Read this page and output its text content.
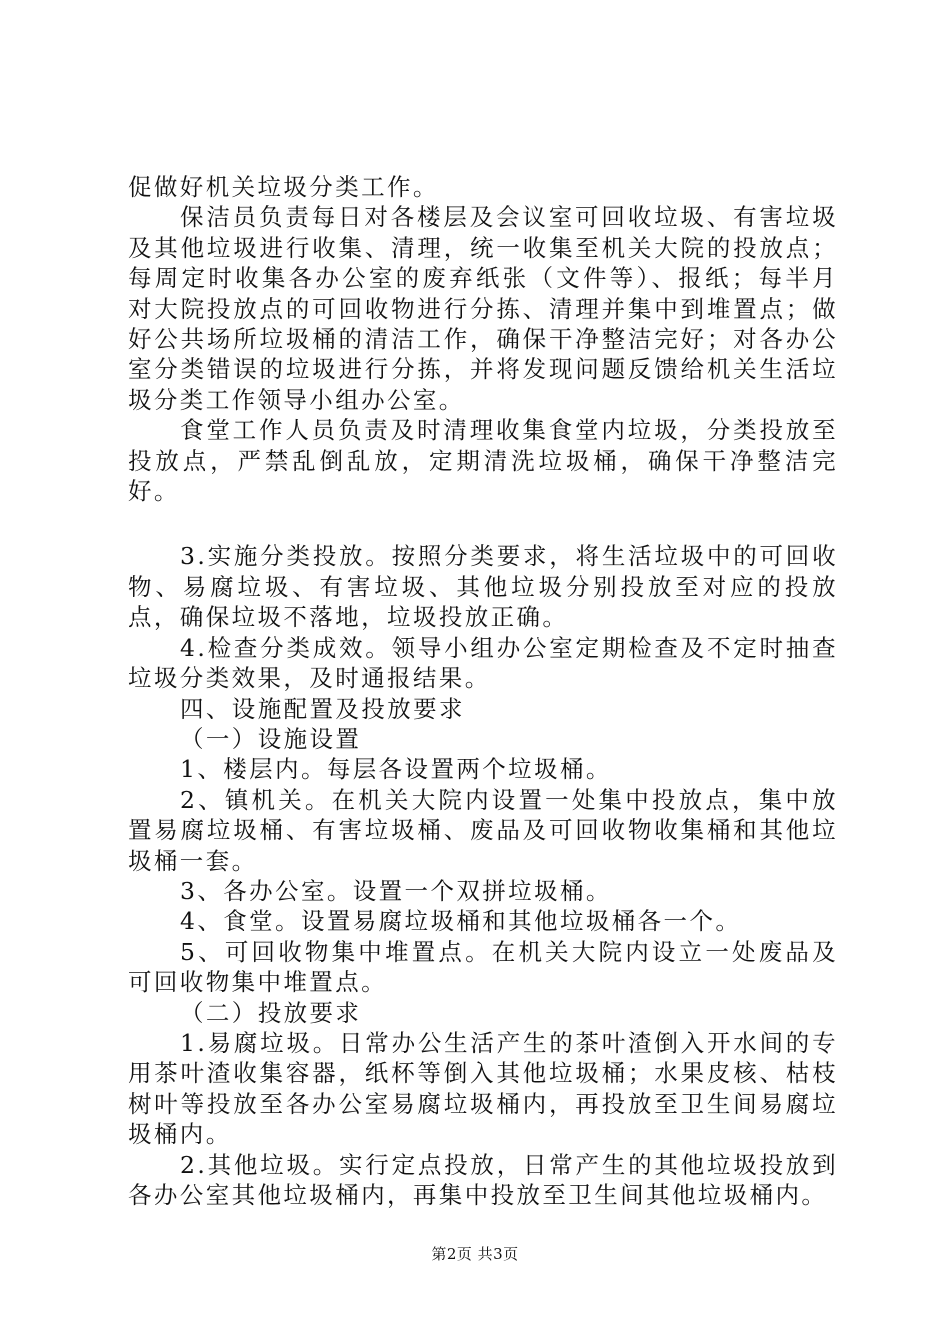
促做好机关垃圾分类工作。

保洁员负责每日对各楼层及会议室可回收垃圾、有害垃圾及其他垃圾进行收集、清理，统一收集至机关大院的投放点；每周定时收集各办公室的废弃纸张（文件等）、报纸；每半月对大院投放点的可回收物进行分拣、清理并集中到堆置点；做好公共场所垃圾桶的清洁工作，确保干净整洁完好；对各办公室分类错误的垃圾进行分拣，并将发现问题反馈给机关生活垃圾分类工作领导小组办公室。

食堂工作人员负责及时清理收集食堂内垃圾，分类投放至投放点，严禁乱倒乱放，定期清洗垃圾桶，确保干净整洁完好。

3.实施分类投放。按照分类要求，将生活垃圾中的可回收物、易腐垃圾、有害垃圾、其他垃圾分别投放至对应的投放点，确保垃圾不落地，垃圾投放正确。

4.检查分类成效。领导小组办公室定期检查及不定时抽查垃圾分类效果，及时通报结果。

四、设施配置及投放要求

（一）设施设置

1、楼层内。每层各设置两个垃圾桶。

2、镇机关。在机关大院内设置一处集中投放点，集中放置易腐垃圾桶、有害垃圾桶、废品及可回收物收集桶和其他垃圾桶一套。

3、各办公室。设置一个双拼垃圾桶。

4、食堂。设置易腐垃圾桶和其他垃圾桶各一个。

5、可回收物集中堆置点。在机关大院内设立一处废品及可回收物集中堆置点。

（二）投放要求

1.易腐垃圾。日常办公生活产生的茶叶渣倒入开水间的专用茶叶渣收集容器，纸杯等倒入其他垃圾桶；水果皮核、枯枝树叶等投放至各办公室易腐垃圾桶内，再投放至卫生间易腐垃圾桶内。

2.其他垃圾。实行定点投放，日常产生的其他垃圾投放到各办公室其他垃圾桶内，再集中投放至卫生间其他垃圾桶内。

第2页 共3页
